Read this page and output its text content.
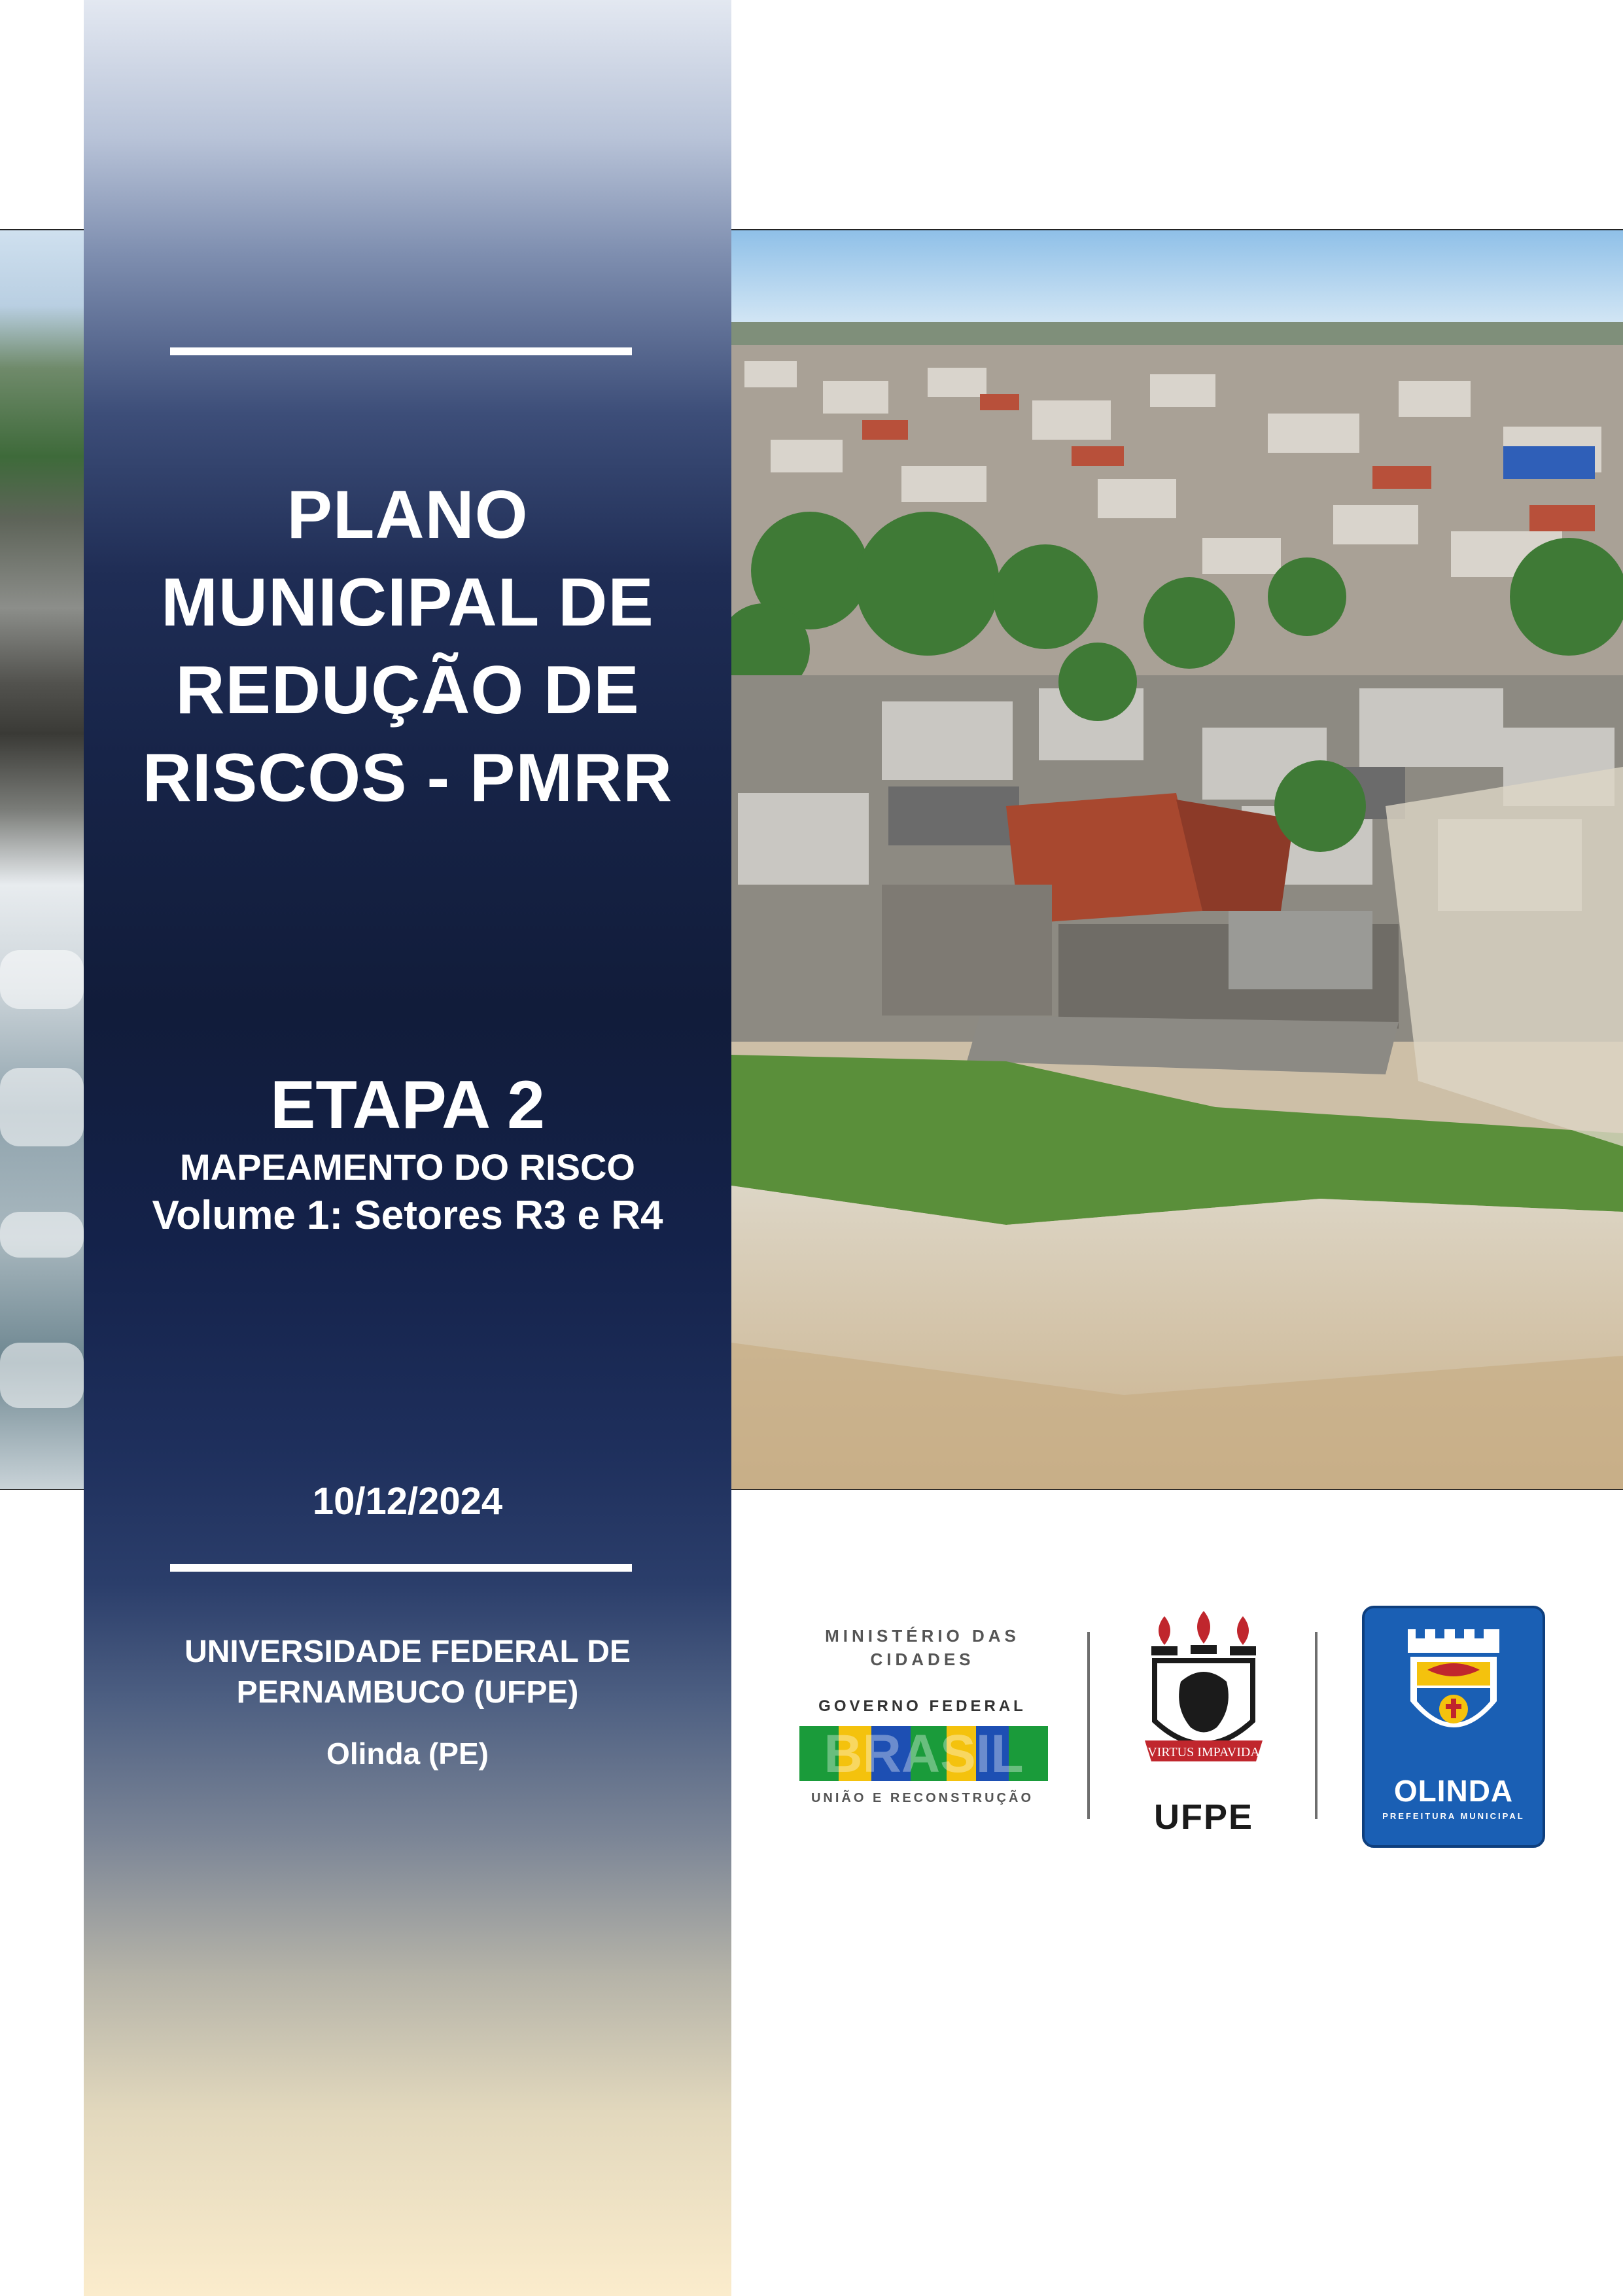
PLANO
MUNICIPAL DE
REDUÇÃO DE
RISCOS - PMRR
ETAPA 2
MAPEAMENTO DO RISCO
Volume 1: Setores R3 e R4
10/12/2024
UNIVERSIDADE FEDERAL DE
PERNAMBUCO (UFPE)
Olinda (PE)
MINISTÉRIO DAS
CIDADES
GOVERNO FEDERAL
BRASIL
UNIÃO E RECONSTRUÇÃO
VIRTUS IMPAVIDA
UFPE
OLINDA
PREFEITURA MUNICIPAL
